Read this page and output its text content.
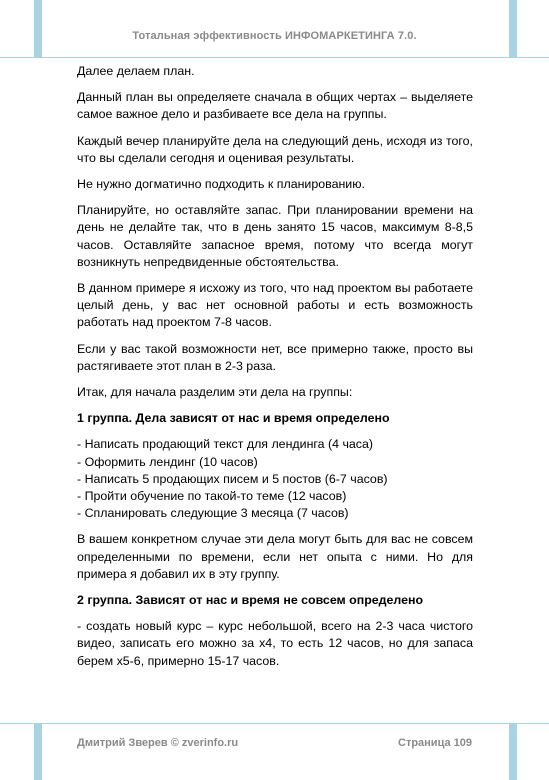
Тотальная эффективность ИНФОМАРКЕТИНГА 7.0.

Далее делаем план.

Данный план вы определяете сначала в общих чертах – выделяете самое важное дело и разбиваете все дела на группы.

Каждый вечер планируйте дела на следующий день, исходя из того, что вы сделали сегодня и оценивая результаты.

Не нужно догматично подходить к планированию.

Планируйте, но оставляйте запас. При планировании времени на день не делайте так, что в день занято 15 часов, максимум 8-8,5 часов. Оставляйте запасное время, потому что всегда могут возникнуть непредвиденные обстоятельства.

В данном примере я исхожу из того, что над проектом вы работаете целый день, у вас нет основной работы и есть возможность работать над проектом 7-8 часов.

Если у вас такой возможности нет, все примерно также, просто вы растягиваете этот план в 2-3 раза.

Итак, для начала разделим эти дела на группы:

1 группа. Дела зависят от нас и время определено
- Написать продающий текст для лендинга (4 часа)
- Оформить лендинг (10 часов)
- Написать 5 продающих писем и 5 постов (6-7 часов)
- Пройти обучение по такой-то теме (12 часов)
- Спланировать следующие 3 месяца (7 часов)

В вашем конкретном случае эти дела могут быть для вас не совсем определенными по времени, если нет опыта с ними. Но для примера я добавил их в эту группу.

2 группа. Зависят от нас и время не совсем определено

- создать новый курс – курс небольшой, всего на 2-3 часа чистого видео, записать его можно за х4, то есть 12 часов, но для запаса берем х5-6, примерно 15-17 часов.

Дмитрий Зверев © zverinfo.ru	Страница 109
